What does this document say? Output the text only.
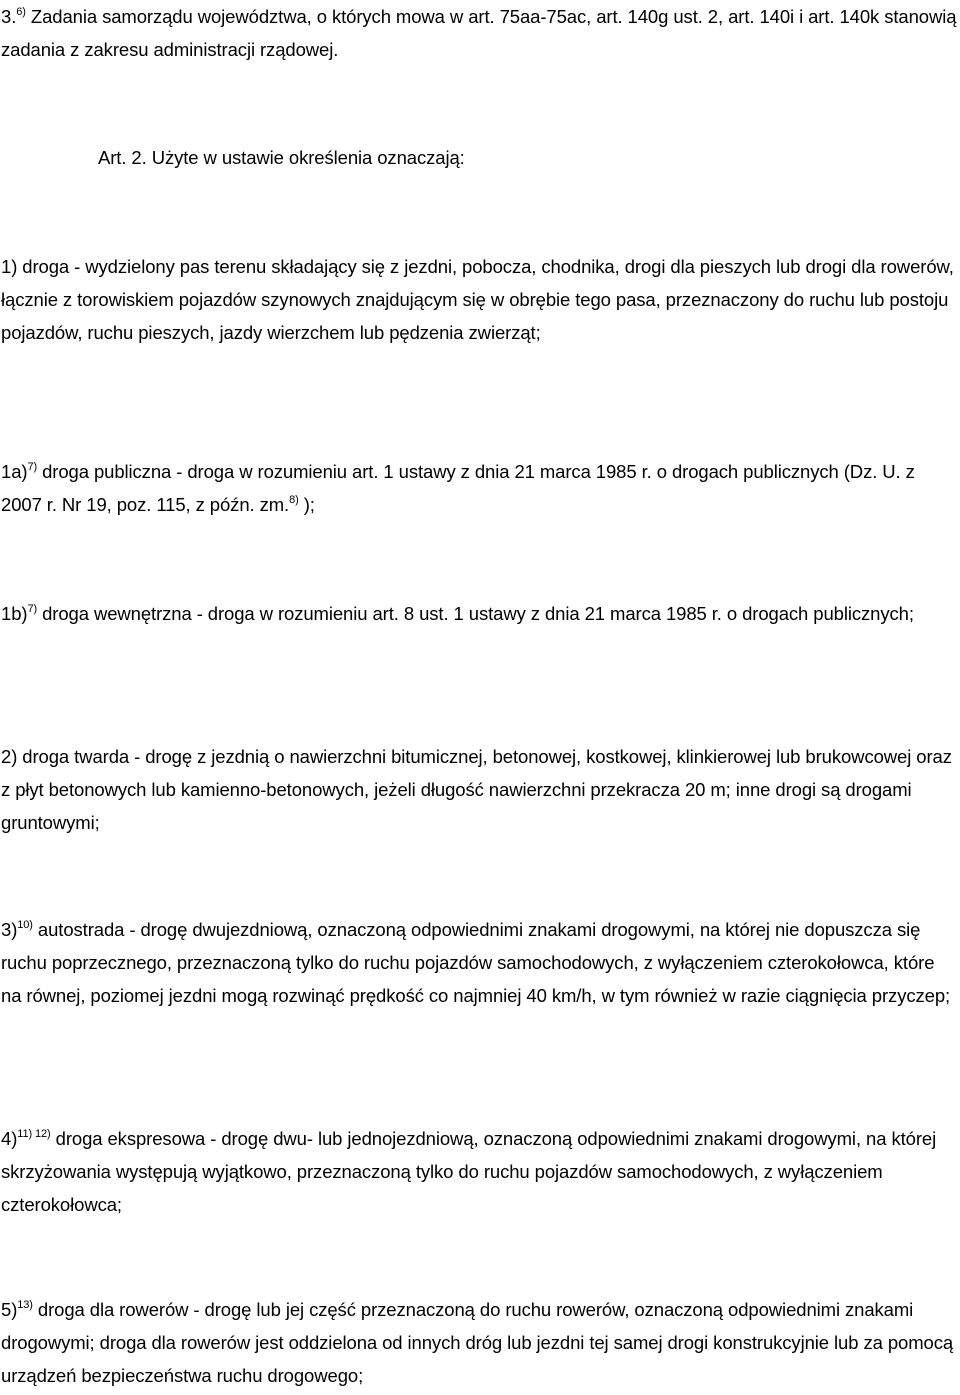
3.$^{6)}$ Zadania samorządu województwa, o których mowa w art. 75aa-75ac, art. 140g ust. 2, art. 140i i art. 140k stanowią zadania z zakresu administracji rządowej.

Art. 2. Użyte w ustawie określenia oznaczają:

1) droga - wydzielony pas terenu składający się z jezdni, pobocza, chodnika, drogi dla pieszych lub drogi dla rowerów, łącznie z torowiskiem pojazdów szynowych znajdującym się w obrębie tego pasa, przeznaczony do ruchu lub postoju pojazdów, ruchu pieszych, jazdy wierzchem lub pędzenia zwierząt;

1a)$^{7)}$ droga publiczna - droga w rozumieniu art. 1 ustawy z dnia 21 marca 1985 r. o drogach publicznych (Dz. U. z 2007 r. Nr 19, poz. 115, z późn. zm.$^{8)}$ );

1b)$^{7)}$ droga wewnętrzna - droga w rozumieniu art. 8 ust. 1 ustawy z dnia 21 marca 1985 r. o drogach publicznych;

2) droga twarda - drogę z jezdnią o nawierzchni bitumicznej, betonowej, kostkowej, klinkierowej lub brukowcowej oraz z płyt betonowych lub kamienno-betonowych, jeżeli długość nawierzchni przekracza 20 m; inne drogi są drogami gruntowymi;

3)$^{10)}$ autostrada - drogę dwujezdniową, oznaczoną odpowiednimi znakami drogowymi, na której nie dopuszcza się ruchu poprzecznego, przeznaczoną tylko do ruchu pojazdów samochodowych, z wyłączeniem czterokołowca, które na równej, poziomej jezdni mogą rozwinąć prędkość co najmniej 40 km/h, w tym również w razie ciągnięcia przyczep;

4)$^{11) 12)}$ droga ekspresowa - drogę dwu- lub jednojezdniową, oznaczoną odpowiednimi znakami drogowymi, na której skrzyżowania występują wyjątkowo, przeznaczoną tylko do ruchu pojazdów samochodowych, z wyłączeniem czterokołowca;

5)$^{13)}$ droga dla rowerów - drogę lub jej część przeznaczoną do ruchu rowerów, oznaczoną odpowiednimi znakami drogowymi; droga dla rowerów jest oddzielona od innych dróg lub jezdni tej samej drogi konstrukcyjnie lub za pomocą urządzeń bezpieczeństwa ruchu drogowego;
